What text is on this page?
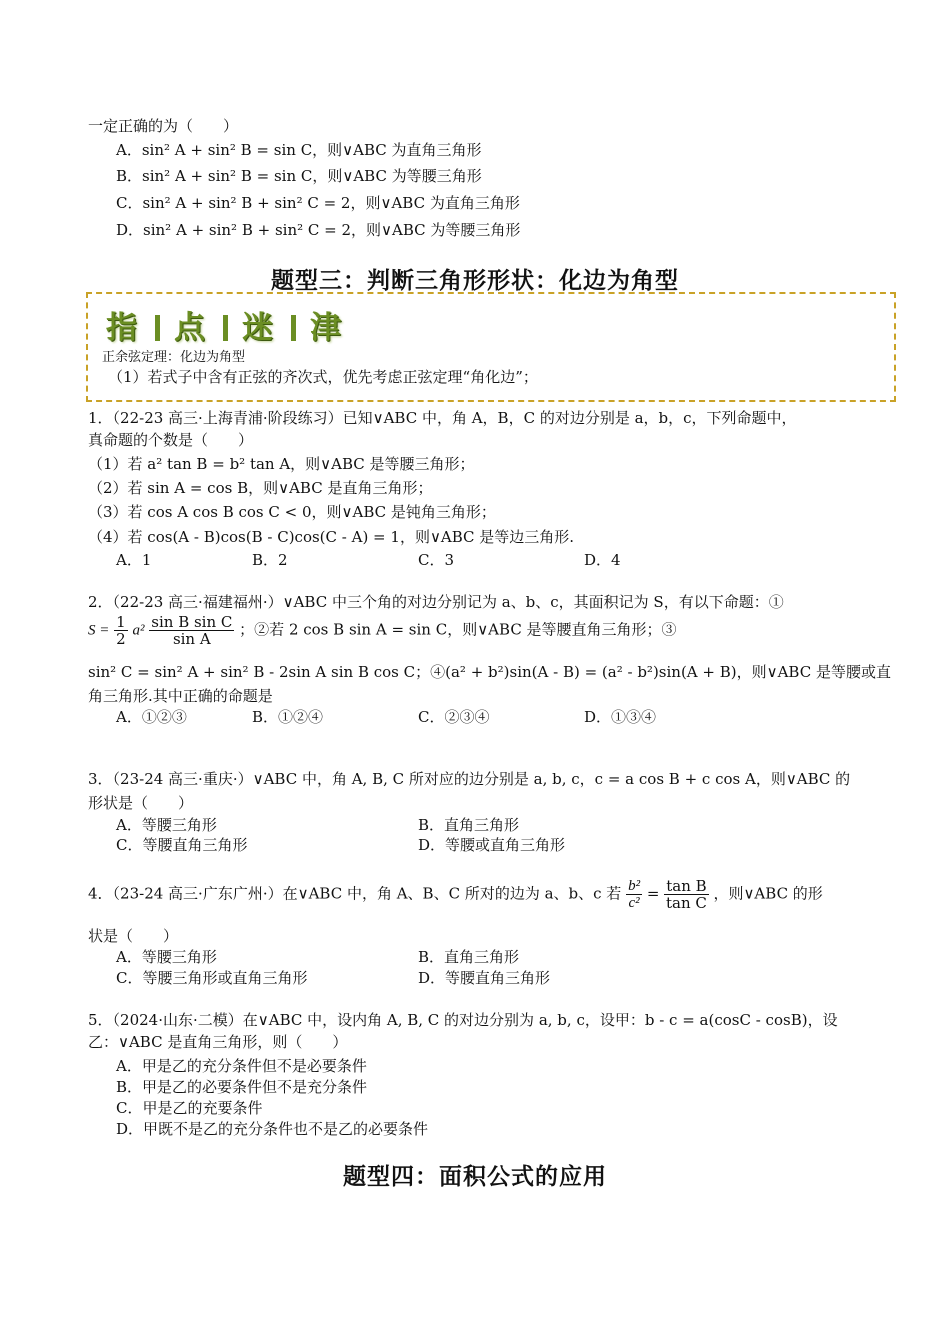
一定正确的为（　　）
A．sin² A + sin² B = sin C，则∨ABC 为直角三角形
B．sin² A + sin² B = sin C，则∨ABC 为等腰三角形
C．sin² A + sin² B + sin² C = 2，则∨ABC 为直角三角形
D．sin² A + sin² B + sin² C = 2，则∨ABC 为等腰三角形
题型三：判断三角形形状：化边为角型
指 点 迷 津
正余弦定理：化边为角型
（1）若式子中含有正弦的齐次式，优先考虑正弦定理“角化边”；
1．（22-23 高三·上海青浦·阶段练习）已知∨ABC 中，角 A，B，C 的对边分别是 a，b，c，下列命题中，
真命题的个数是（　　）
（1）若 a² tan B = b² tan A，则∨ABC 是等腰三角形；
（2）若 sin A = cos B，则∨ABC 是直角三角形；
（3）若 cos A cos B cos C < 0，则∨ABC 是钝角三角形；
（4）若 cos(A - B)cos(B - C)cos(C - A) = 1，则∨ABC 是等边三角形.
A．1	B．2	C．3	D．4
2．（22-23 高三·福建福州·）∨ABC 中三个角的对边分别记为 a、b、c，其面积记为 S，有以下命题：①
$S = \frac{1}{2} a^2 \frac{\text{sin B sin C}}{\text{sin A}}$ ；②若 2 cos B sin A = sin C，则∨ABC 是等腰直角三角形；③
sin² C = sin² A + sin² B - 2sin A sin B cos C；④(a² + b²)sin(A - B) = (a² - b²)sin(A + B)，则∨ABC 是等腰或直
角三角形.其中正确的命题是
A．①②③	B．①②④	C．②③④	D．①③④
3．（23-24 高三·重庆·）∨ABC 中，角 A, B, C 所对应的边分别是 a, b, c，c = a cos B + c cos A，则∨ABC 的
形状是（　　）
A．等腰三角形	B．直角三角形
C．等腰直角三角形	D．等腰或直角三角形
4．（23-24 高三·广东广州·）在∨ABC 中，角 A、B、C 所对的边为 a、b、c 若 $\frac{\text{b²}}{\text{c²}} = \frac{\text{tan B}}{\text{tan C}}$ ，则∨ABC 的形
状是（　　）
A．等腰三角形	B．直角三角形
C．等腰三角形或直角三角形	D．等腰直角三角形
5．（2024·山东·二模）在∨ABC 中，设内角 A, B, C 的对边分别为 a, b, c，设甲：b - c = a(cosC - cosB)，设
乙：∨ABC 是直角三角形，则（　　）
A．甲是乙的充分条件但不是必要条件
B．甲是乙的必要条件但不是充分条件
C．甲是乙的充要条件
D．甲既不是乙的充分条件也不是乙的必要条件
题型四：面积公式的应用
